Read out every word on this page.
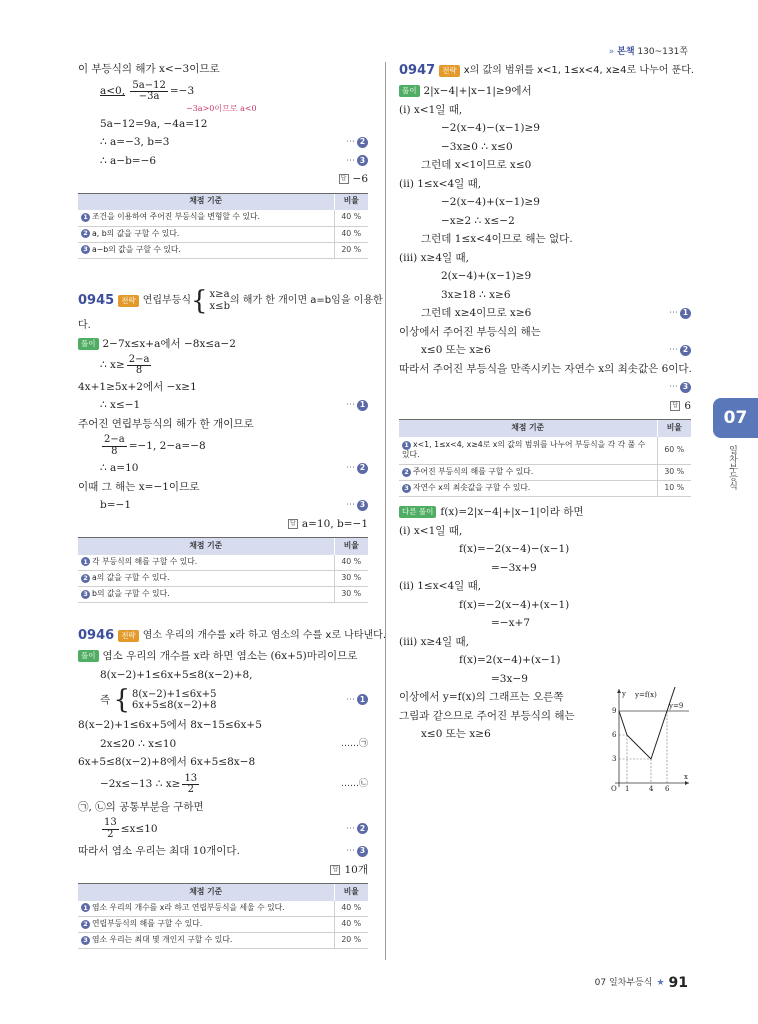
» 본책 130~131쪽
이 부등식의 해가 x<−3이므로
a<0,
$\frac{5a-12}{-3a} =-3$
−3a>0이므로 a<0
5a−12=9a, −4a=12
∴ a=−3, b=3	⋯ 2
∴ a−b=−6	⋯ 3
답 −6
채점 기준	비율
1 조건을 이용하여 주어진 부등식을 변형할 수 있다.	40 %
2 a, b의 값을 구할 수 있다.	40 %
3 a−b의 값을 구할 수 있다.	20 %
0945 전략 연립부등식 { x≥a
x≤b
의 해가 한 개이면 a=b임을 이용한
다.
풀이 2−7x≤x+a에서 −8x≤a−2
∴ $x\ge \frac{2-a}{8}$
4x+1≥5x+2에서 −x≥1
∴ x≤−1	⋯ 1
주어진 연립부등식의 해가 한 개이므로
$\frac{2-a}{8} =-1$, 2−a=−8
∴ a=10	⋯ 2
이때 그 해는 x=−1이므로
b=−1	⋯ 3
답 a=10, b=−1
채점 기준	비율
1 각 부등식의 해를 구할 수 있다.	40 %
2 a의 값을 구할 수 있다.	30 %
3 b의 값을 구할 수 있다.	30 %
0946 전략 염소 우리의 개수를 x라 하고 염소의 수를 x로 나타낸다.
풀이 염소 우리의 개수를 x라 하면 염소는 (6x+5)마리이므로
8(x−2)+1≤6x+5≤8(x−2)+8,
즉
{ 8(x−2)+1≤6x+5
6x+5≤8(x−2)+8
⋯ 1
8(x−2)+1≤6x+5에서 8x−15≤6x+5
2x≤20 ∴ x≤10	……㉠
6x+5≤8(x−2)+8에서 6x+5≤8x−8
−2x≤−13 ∴ $x\ge \frac{13}{2}$	……㉡
㉠, ㉡의 공통부분을 구하면
$\frac{13}{2} \le x\le 10$	⋯ 2
따라서 염소 우리는 최대 10개이다.	⋯ 3
답 10개
채점 기준	비율
1 염소 우리의 개수를 x라 하고 연립부등식을 세울 수 있다.	40 %
2 연립부등식의 해를 구할 수 있다.	40 %
3 염소 우리는 최대 몇 개인지 구할 수 있다.	20 %
0947 전략 x의 값의 범위를 x<1, 1≤x<4, x≥4로 나누어 푼다.
풀이 2|x−4|+|x−1|≥9에서
(i) x<1일 때,
−2(x−4)−(x−1)≥9
−3x≥0 ∴ x≤0
그런데 x<1이므로 x≤0
(ii) 1≤x<4일 때,
−2(x−4)+(x−1)≥9
−x≥2 ∴ x≤−2
그런데 1≤x<4이므로 해는 없다.
(iii) x≥4일 때,
2(x−4)+(x−1)≥9
3x≥18 ∴ x≥6
그런데 x≥4이므로 x≥6	⋯ 1
이상에서 주어진 부등식의 해는
x≤0 또는 x≥6	⋯ 2
따라서 주어진 부등식을 만족시키는 자연수 x의 최솟값은 6이다.
⋯ 3
답 6
채점 기준	비율
1 x<1, 1≤x<4, x≥4로 x의 값의 범위를 나누어 부등식을 각 각 풀 수 있다.	60 %
2 주어진 부등식의 해를 구할 수 있다.	30 %
3 자연수 x의 최솟값을 구할 수 있다.	10 %
다른 풀이 f(x)=2|x−4|+|x−1|이라 하면
(i) x<1일 때,
f(x)=−2(x−4)−(x−1)
=−3x+9
(ii) 1≤x<4일 때,
f(x)=−2(x−4)+(x−1)
=−x+7
(iii) x≥4일 때,
f(x)=2(x−4)+(x−1)
=3x−9
이상에서 y=f(x)의 그래프는 오른쪽
그림과 같으므로 주어진 부등식의 해는
x≤0 또는 x≥6
y=f(x)
y=9
y
x
O 1	4 6
9
6
3
07
일차부등식
07 일차부등식 ★ 91
